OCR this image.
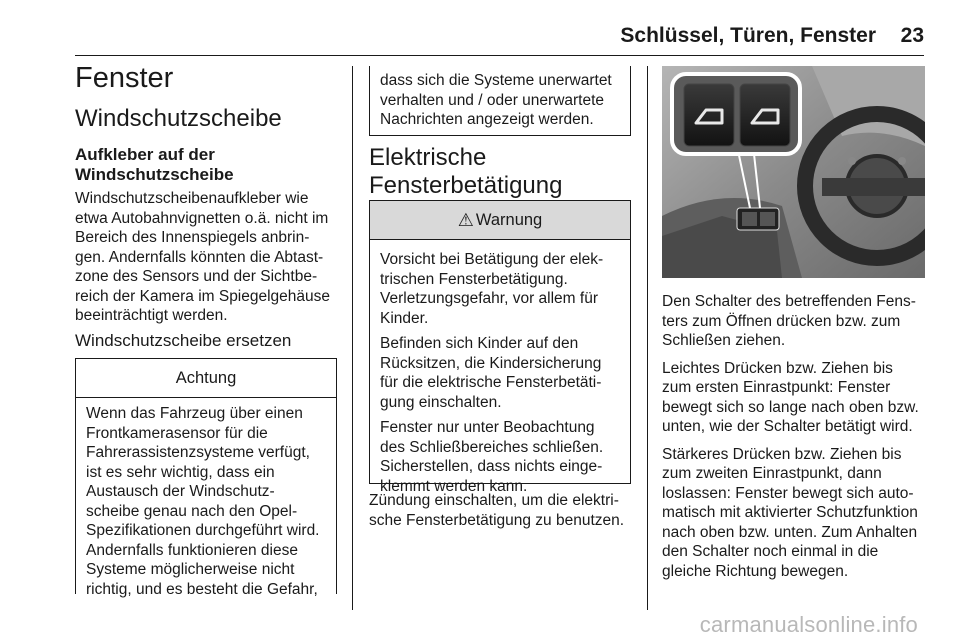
Schlüssel, Türen, Fenster 23
Fenster
Windschutzscheibe
Aufkleber auf der
Windschutzscheibe
Windschutzscheibenaufkleber wie
etwa Autobahnvignetten o.ä. nicht im
Bereich des Innenspiegels anbrin-
gen. Andernfalls könnten die Abtast-
zone des Sensors und der Sichtbe-
reich der Kamera im Spiegelgehäuse
beeinträchtigt werden.
Windschutzscheibe ersetzen
Achtung
Wenn das Fahrzeug über einen
Frontkamerasensor für die
Fahrerassistenzsysteme verfügt,
ist es sehr wichtig, dass ein
Austausch der Windschutz-
scheibe genau nach den Opel-
Spezifikationen durchgeführt wird.
Andernfalls funktionieren diese
Systeme möglicherweise nicht
richtig, und es besteht die Gefahr,
dass sich die Systeme unerwartet
verhalten und / oder unerwartete
Nachrichten angezeigt werden.
Elektrische
Fensterbetätigung
⚠ Warnung

Vorsicht bei Betätigung der elek-
trischen Fensterbetätigung.
Verletzungsgefahr, vor allem für
Kinder.

Befinden sich Kinder auf den
Rücksitzen, die Kindersicherung
für die elektrische Fensterbetäti-
gung einschalten.

Fenster nur unter Beobachtung
des Schließbereiches schließen.
Sicherstellen, dass nichts einge-
klemmt werden kann.

Zündung einschalten, um die elektri-
sche Fensterbetätigung zu benutzen.

Den Schalter des betreffenden Fens-
ters zum Öffnen drücken bzw. zum
Schließen ziehen.

Leichtes Drücken bzw. Ziehen bis
zum ersten Einrastpunkt: Fenster
bewegt sich so lange nach oben bzw.
unten, wie der Schalter betätigt wird.

Stärkeres Drücken bzw. Ziehen bis
zum zweiten Einrastpunkt, dann
loslassen: Fenster bewegt sich auto-
matisch mit aktivierter Schutzfunktion
nach oben bzw. unten. Zum Anhalten
den Schalter noch einmal in die
gleiche Richtung bewegen.

carmanualsonline.info
